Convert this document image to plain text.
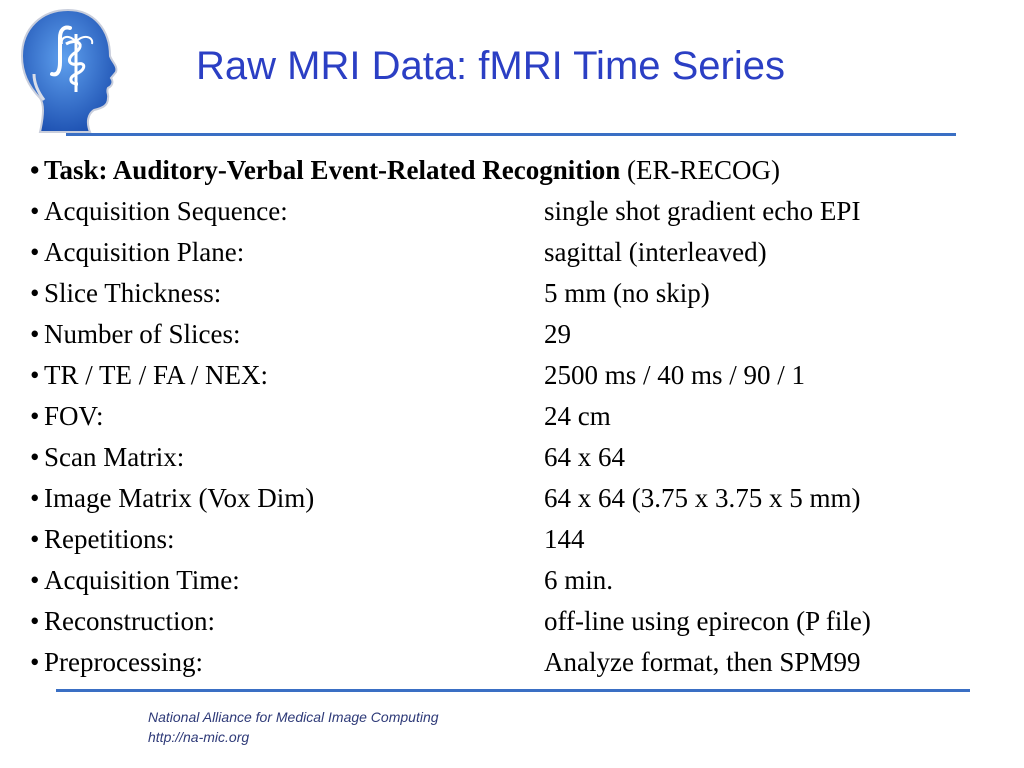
Raw MRI Data: fMRI Time Series
• Task: Auditory-Verbal Event-Related Recognition (ER-RECOG)
• Acquisition Sequence:	single shot gradient echo EPI
• Acquisition Plane:	sagittal (interleaved)
• Slice Thickness:	5 mm (no skip)
• Number of Slices:	29
• TR / TE / FA / NEX:	2500 ms / 40 ms / 90 / 1
• FOV:	24 cm
• Scan Matrix:	64 x 64
• Image Matrix (Vox Dim)	64 x 64 (3.75 x 3.75 x 5 mm)
• Repetitions:	144
• Acquisition Time:	6 min.
• Reconstruction:	off-line using epirecon (P file)
• Preprocessing:	Analyze format, then SPM99
National Alliance for Medical Image Computing
http://na-mic.org
